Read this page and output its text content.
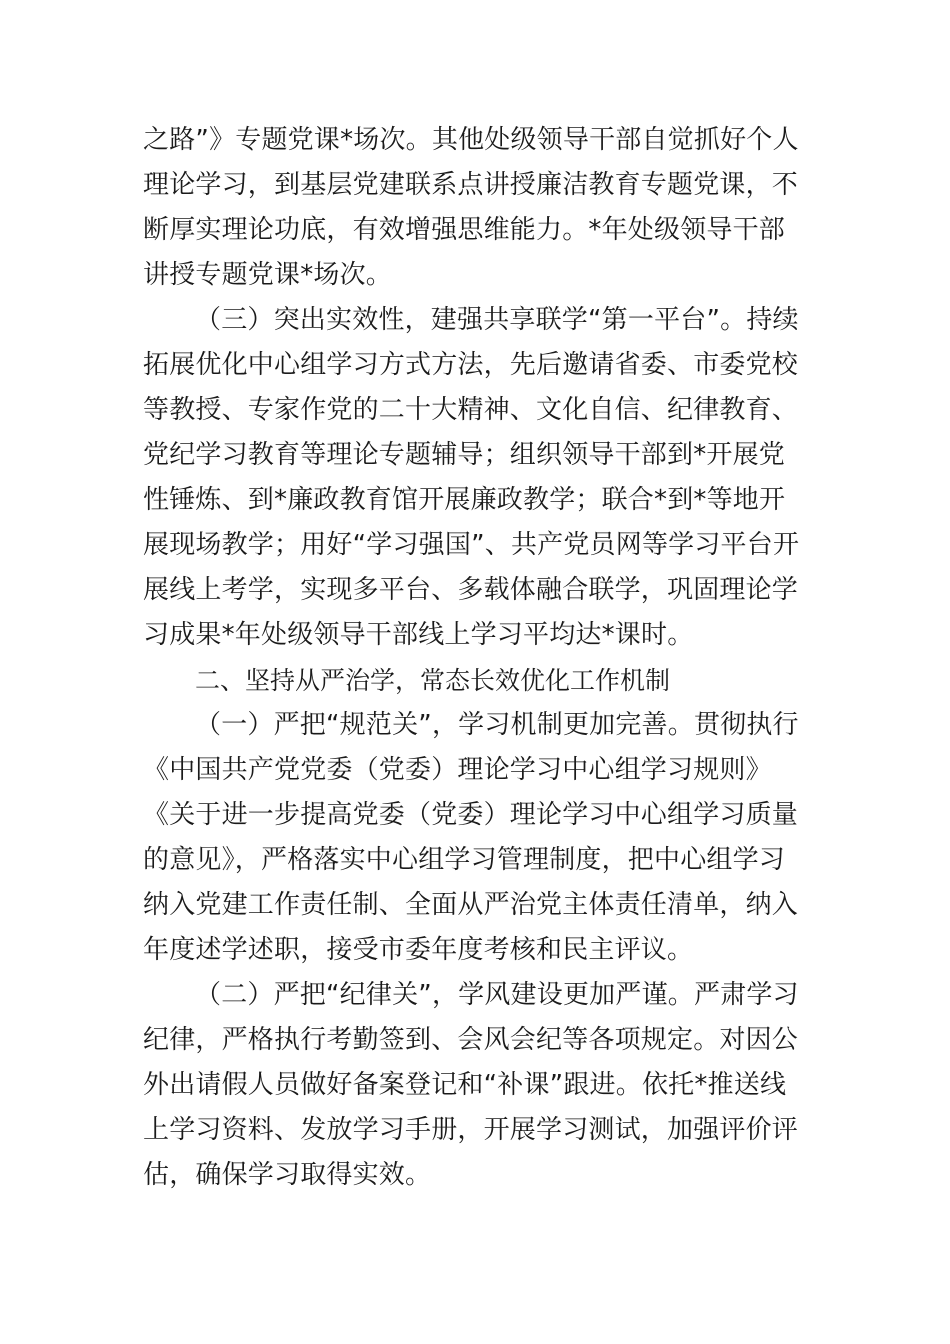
之路”》专题党课*场次。其他处级领导干部自觉抓好个人理论学习，到基层党建联系点讲授廉洁教育专题党课，不断厚实理论功底，有效增强思维能力。*年处级领导干部讲授专题党课*场次。

（三）突出实效性，建强共享联学“第一平台”。持续拓展优化中心组学习方式方法，先后邀请省委、市委党校等教授、专家作党的二十大精神、文化自信、纪律教育、党纪学习教育等理论专题辅导；组织领导干部到*开展党性锤炼、到*廉政教育馆开展廉政教学；联合*到*等地开展现场教学；用好“学习强国”、共产党员网等学习平台开展线上考学，实现多平台、多载体融合联学，巩固理论学习成果*年处级领导干部线上学习平均达*课时。

二、坚持从严治学，常态长效优化工作机制

（一）严把“规范关”，学习机制更加完善。贯彻执行《中国共产党党委（党委）理论学习中心组学习规则》《关于进一步提高党委（党委）理论学习中心组学习质量的意见》，严格落实中心组学习管理制度，把中心组学习纳入党建工作责任制、全面从严治党主体责任清单，纳入年度述学述职，接受市委年度考核和民主评议。

（二）严把“纪律关”，学风建设更加严谨。严肃学习纪律，严格执行考勤签到、会风会纪等各项规定。对因公外出请假人员做好备案登记和“补课”跟进。依托*推送线上学习资料、发放学习手册，开展学习测试，加强评价评估，确保学习取得实效。
